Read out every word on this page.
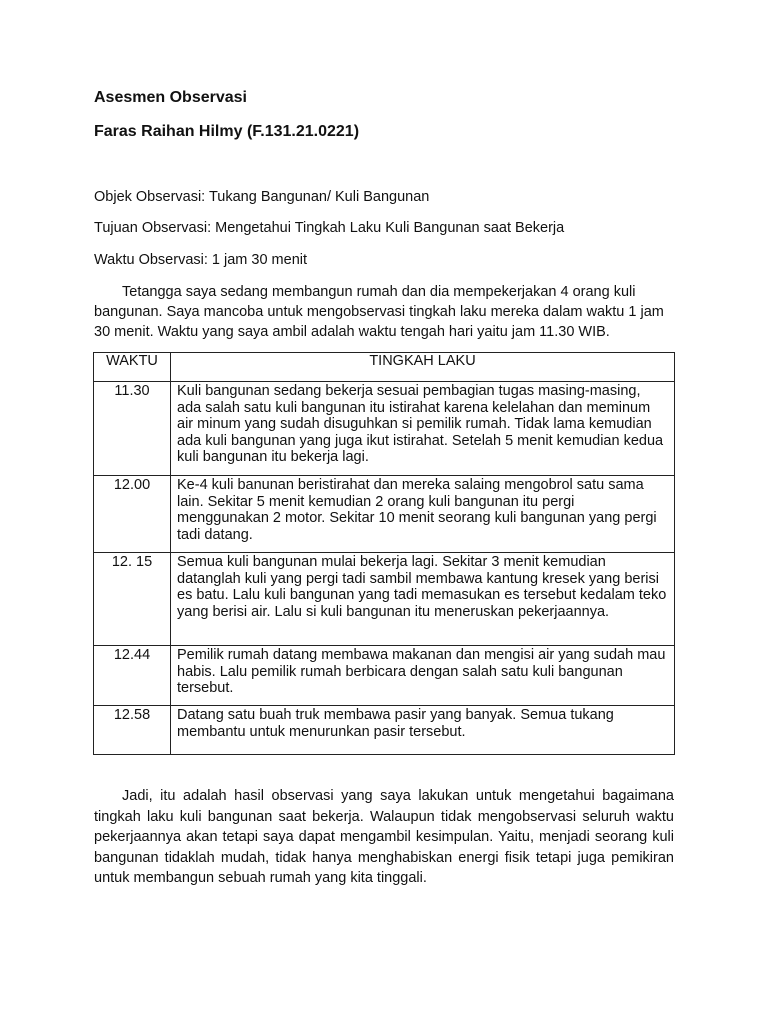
Asesmen Observasi
Faras Raihan Hilmy (F.131.21.0221)

Objek Observasi: Tukang Bangunan/ Kuli Bangunan

Tujuan Observasi: Mengetahui Tingkah Laku Kuli Bangunan saat Bekerja

Waktu Observasi: 1 jam 30 menit

Tetangga saya sedang membangun rumah dan dia mempekerjakan 4 orang kuli bangunan. Saya mancoba untuk mengobservasi tingkah laku mereka dalam waktu 1 jam 30 menit. Waktu yang saya ambil adalah waktu tengah hari yaitu jam 11.30 WIB.

WAKTU	TINGKAH LAKU
11.30	Kuli bangunan sedang bekerja sesuai pembagian tugas masing-masing, ada salah satu kuli bangunan itu istirahat karena kelelahan dan meminum air minum yang sudah disuguhkan si pemilik rumah. Tidak lama kemudian ada kuli bangunan yang juga ikut istirahat. Setelah 5 menit kemudian kedua kuli bangunan itu bekerja lagi.
12.00	Ke-4 kuli banunan beristirahat dan mereka salaing mengobrol satu sama lain. Sekitar 5 menit kemudian 2 orang kuli bangunan itu pergi menggunakan 2 motor. Sekitar 10 menit seorang kuli bangunan yang pergi tadi datang.
12. 15	Semua kuli bangunan mulai bekerja lagi. Sekitar 3 menit kemudian datanglah kuli yang pergi tadi sambil membawa kantung kresek yang berisi es batu. Lalu kuli bangunan yang tadi memasukan es tersebut kedalam teko yang berisi air. Lalu si kuli bangunan itu meneruskan pekerjaannya.
12.44	Pemilik rumah datang membawa makanan dan mengisi air yang sudah mau habis. Lalu pemilik rumah berbicara dengan salah satu kuli bangunan tersebut.
12.58	Datang satu buah truk membawa pasir yang banyak. Semua tukang membantu untuk menurunkan pasir tersebut.

Jadi, itu adalah hasil observasi yang saya lakukan untuk mengetahui bagaimana tingkah laku kuli bangunan saat bekerja. Walaupun tidak mengobservasi seluruh waktu pekerjaannya akan tetapi saya dapat mengambil kesimpulan. Yaitu, menjadi seorang kuli bangunan tidaklah mudah, tidak hanya menghabiskan energi fisik tetapi juga pemikiran untuk membangun sebuah rumah yang kita tinggali.
